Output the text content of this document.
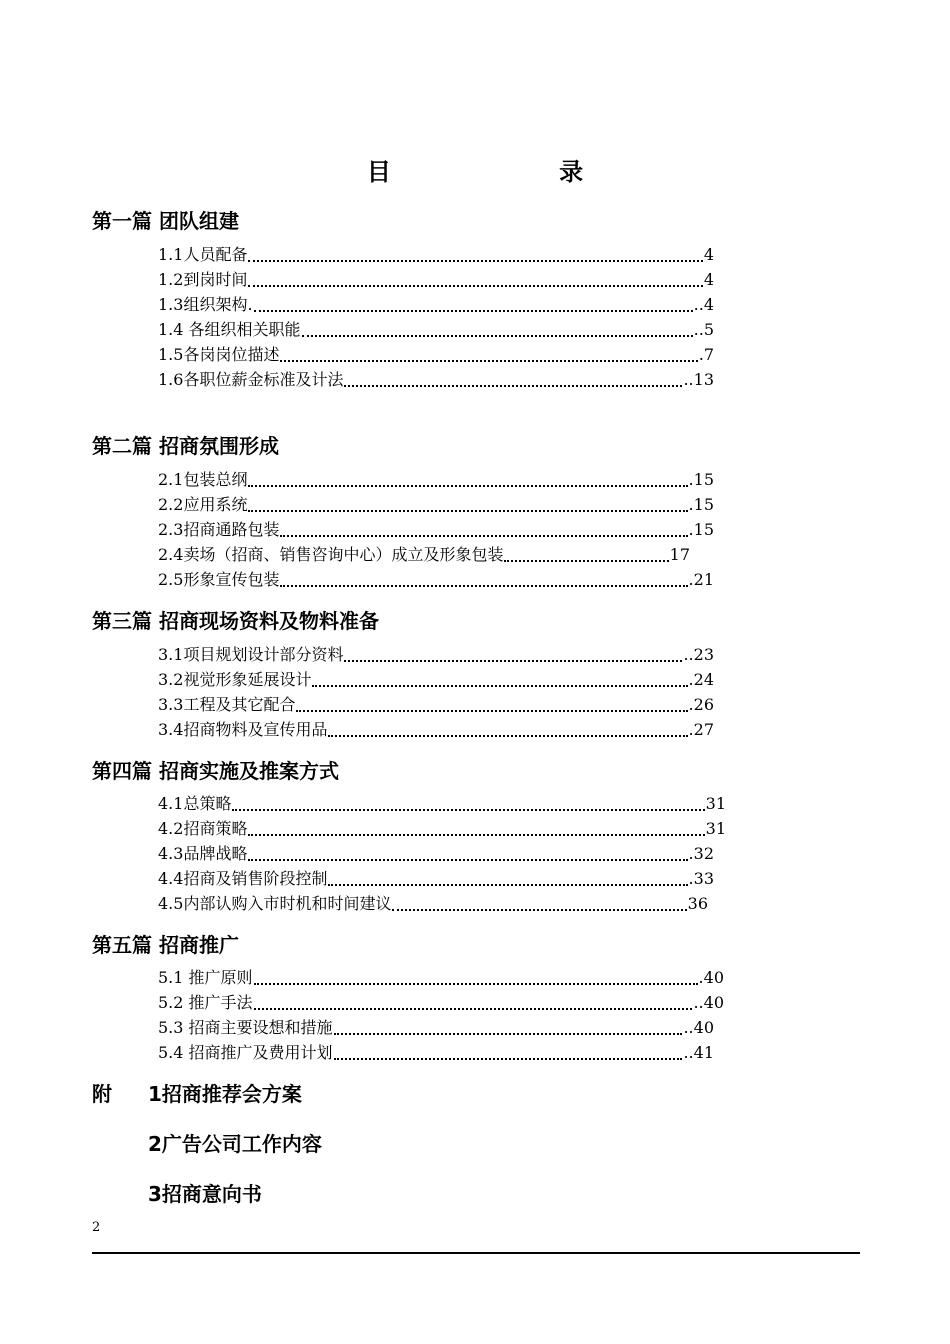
目 录
第一篇 团队组建
1.1人员配备	4
1.2到岗时间	4
1.3组织架构.	..4
1.4 各组织相关职能	..5
1.5各岗岗位描述	.7
1.6各职位薪金标准及计法	..13
第二篇 招商氛围形成
2.1包装总纲	.15
2.2应用系统	.15
2.3招商通路包装	.15
2.4卖场（招商、销售咨询中心）成立及形象包装	17
2.5形象宣传包装	.21
第三篇 招商现场资料及物料准备
3.1项目规划设计部分资料	..23
3.2视觉形象延展设计	.24
3.3工程及其它配合	.26
3.4招商物料及宣传用品	.27
第四篇 招商实施及推案方式
4.1总策略	31
4.2招商策略	31
4.3品牌战略	.32
4.4招商及销售阶段控制	.33
4.5内部认购入市时机和时间建议	36
第五篇 招商推广
5.1 推广原则	.40
5.2 推广手法	..40
5.3 招商主要设想和措施	..40
5.4 招商推广及费用计划	..41
附 1招商推荐会方案
2广告公司工作内容
3招商意向书
2
